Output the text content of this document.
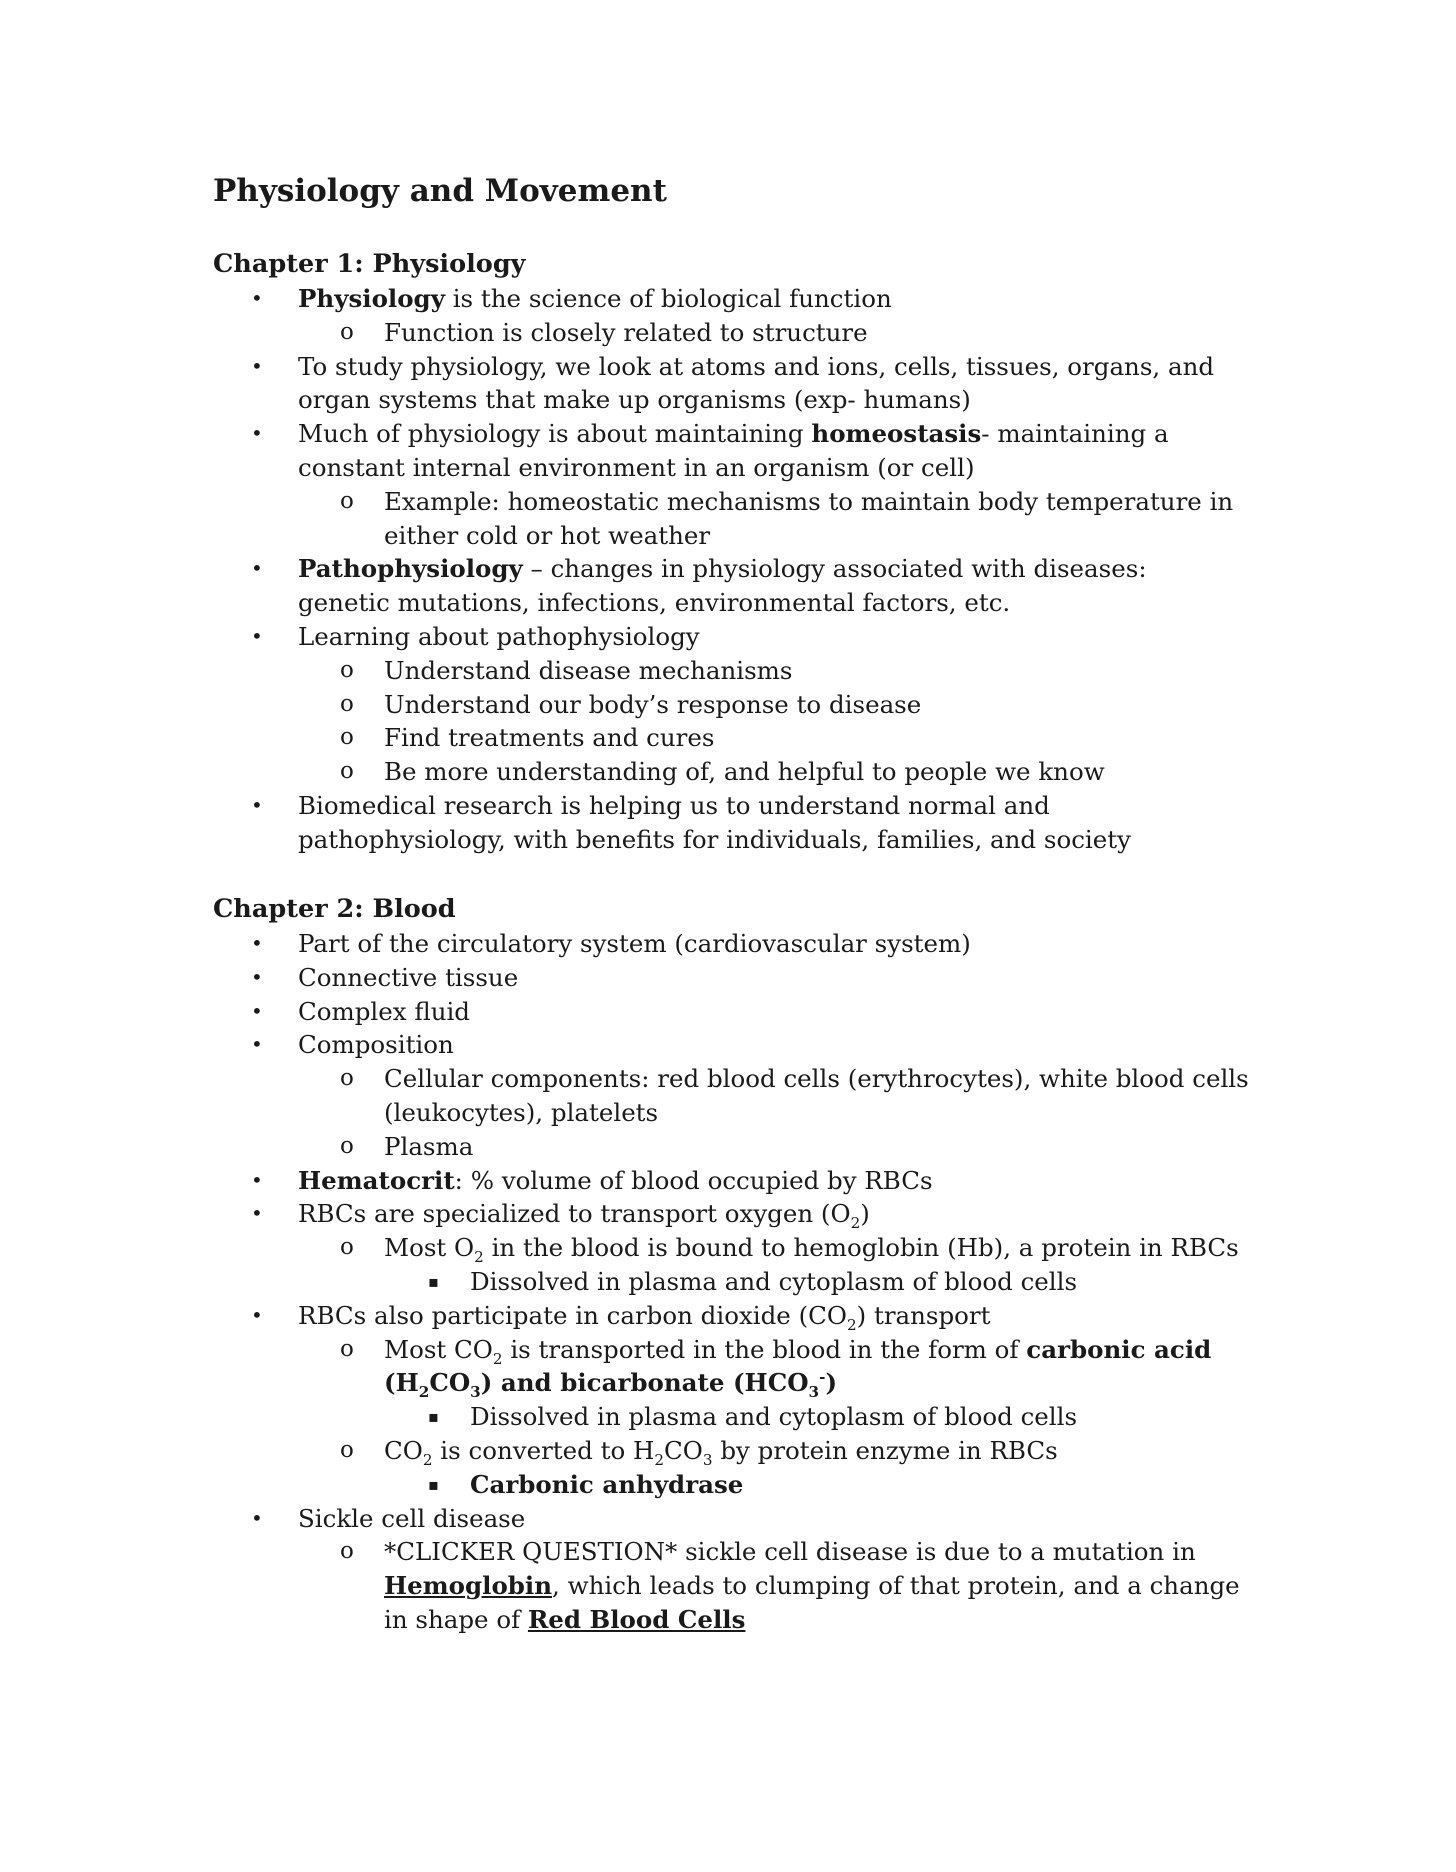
Physiology and Movement
Chapter 1: Physiology
• Physiology is the science of biological function
o Function is closely related to structure
• To study physiology, we look at atoms and ions, cells, tissues, organs, and organ systems that make up organisms (exp- humans)
• Much of physiology is about maintaining homeostasis- maintaining a constant internal environment in an organism (or cell)
o Example: homeostatic mechanisms to maintain body temperature in either cold or hot weather
• Pathophysiology – changes in physiology associated with diseases: genetic mutations, infections, environmental factors, etc.
• Learning about pathophysiology
o Understand disease mechanisms
o Understand our body’s response to disease
o Find treatments and cures
o Be more understanding of, and helpful to people we know
• Biomedical research is helping us to understand normal and pathophysiology, with benefits for individuals, families, and society
Chapter 2: Blood
• Part of the circulatory system (cardiovascular system)
• Connective tissue
• Complex fluid
• Composition
o Cellular components: red blood cells (erythrocytes), white blood cells (leukocytes), platelets
o Plasma
• Hematocrit: % volume of blood occupied by RBCs
• RBCs are specialized to transport oxygen $(O_2)$
o Most $O_2$ in the blood is bound to hemoglobin (Hb), a protein in RBCs
▪ Dissolved in plasma and cytoplasm of blood cells
• RBCs also participate in carbon dioxide $(CO_2)$ transport
o Most $CO_2$ is transported in the blood in the form of carbonic acid $(H_2CO_3)$ and bicarbonate $(HCO_3^-)$
▪ Dissolved in plasma and cytoplasm of blood cells
o $CO_2$ is converted to $H_2CO_3$ by protein enzyme in RBCs
▪ Carbonic anhydrase
• Sickle cell disease
o *CLICKER QUESTION* sickle cell disease is due to a mutation in Hemoglobin, which leads to clumping of that protein, and a change in shape of Red Blood Cells
